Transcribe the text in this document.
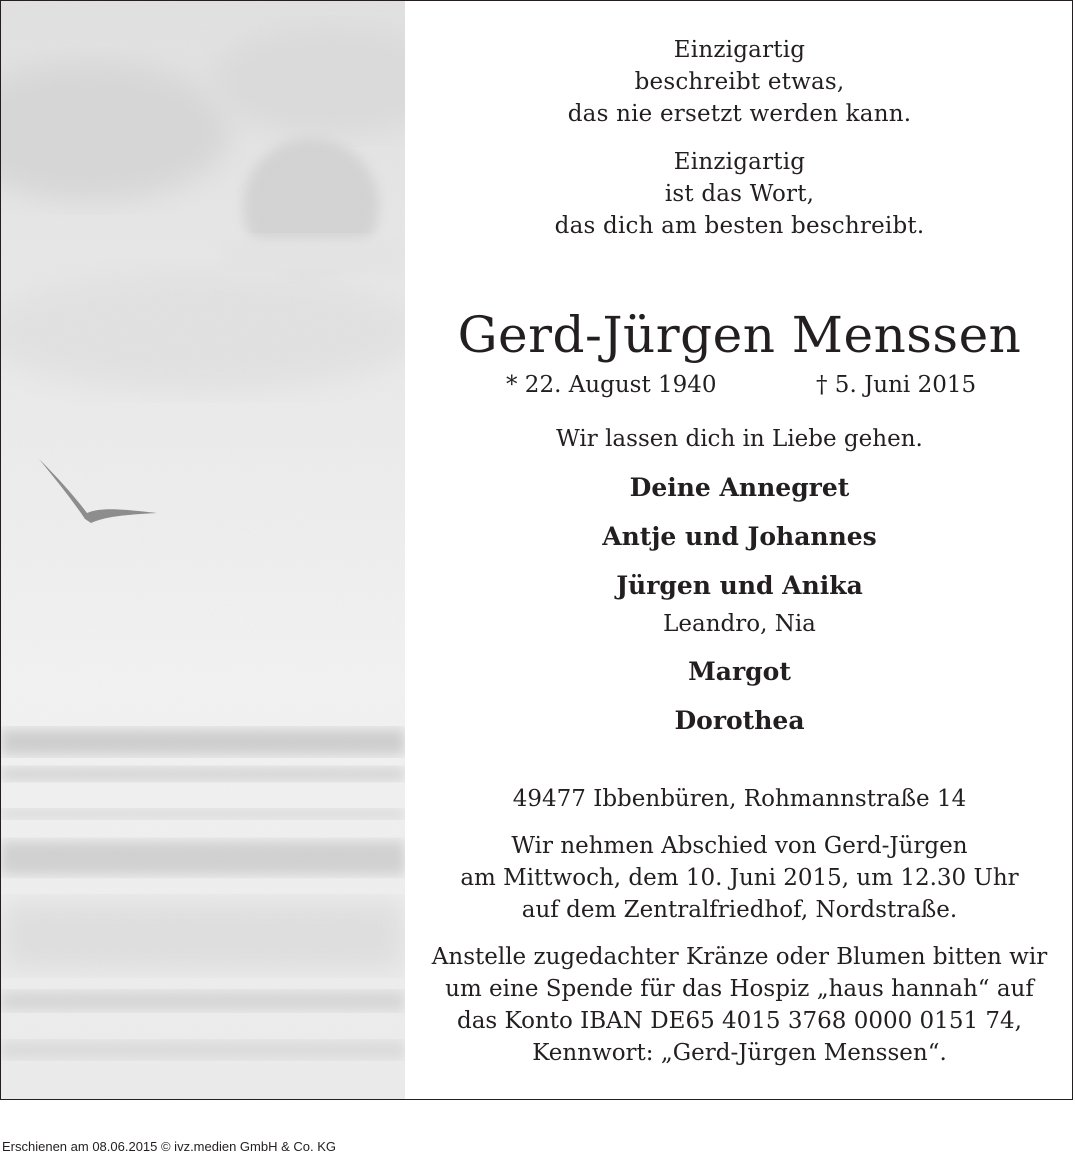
Einzigartig
beschreibt etwas,
das nie ersetzt werden kann.
Einzigartig
ist das Wort,
das dich am besten beschreibt.
Gerd-Jürgen Menssen
* 22. August 1940	† 5. Juni 2015
Wir lassen dich in Liebe gehen.
Deine Annegret
Antje und Johannes
Jürgen und Anika
Leandro, Nia
Margot
Dorothea
49477 Ibbenbüren, Rohmannstraße 14
Wir nehmen Abschied von Gerd-Jürgen
am Mittwoch, dem 10. Juni 2015, um 12.30 Uhr
auf dem Zentralfriedhof, Nordstraße.
Anstelle zugedachter Kränze oder Blumen bitten wir
um eine Spende für das Hospiz „haus hannah“ auf
das Konto IBAN DE65 4015 3768 0000 0151 74,
Kennwort: „Gerd-Jürgen Menssen“.
Erschienen am 08.06.2015 © ivz.medien GmbH & Co. KG
